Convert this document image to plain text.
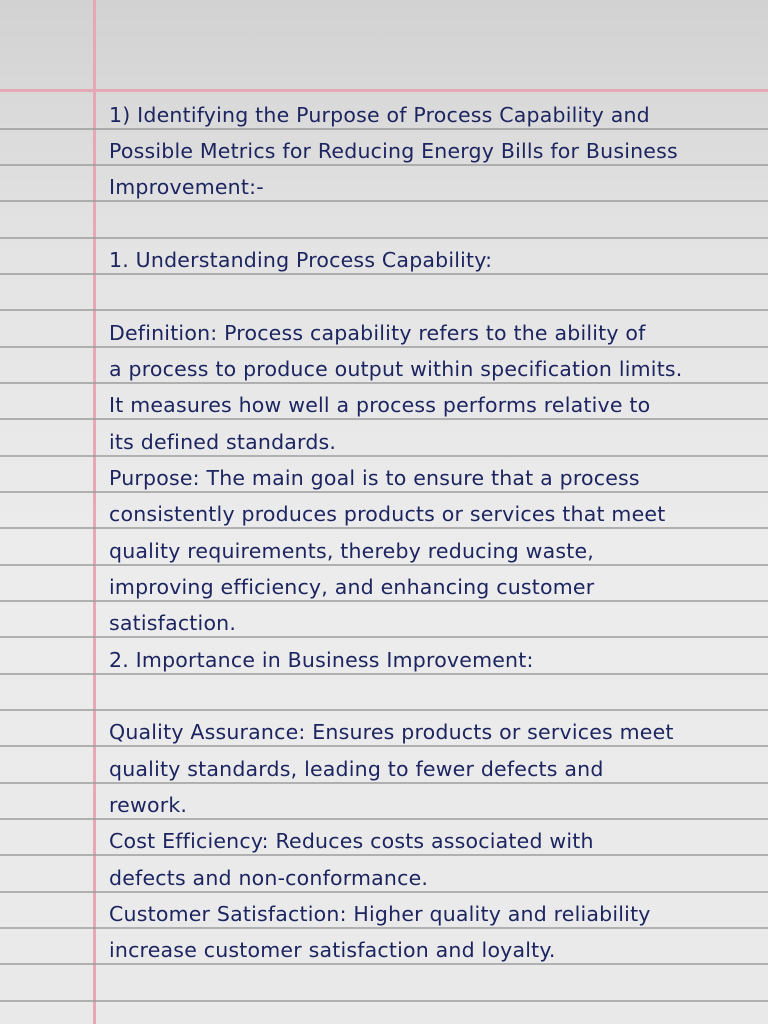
1) Identifying the Purpose of Process Capability and
Possible Metrics for Reducing Energy Bills for Business
Improvement:-
1. Understanding Process Capability:
Definition: Process capability refers to the ability of
a process to produce output within specification limits.
It measures how well a process performs relative to
its defined standards.
Purpose: The main goal is to ensure that a process
consistently produces products or services that meet
quality requirements, thereby reducing waste,
improving efficiency, and enhancing customer
satisfaction.
2. Importance in Business Improvement:
Quality Assurance: Ensures products or services meet
quality standards, leading to fewer defects and
rework.
Cost Efficiency: Reduces costs associated with
defects and non-conformance.
Customer Satisfaction: Higher quality and reliability
increase customer satisfaction and loyalty.
